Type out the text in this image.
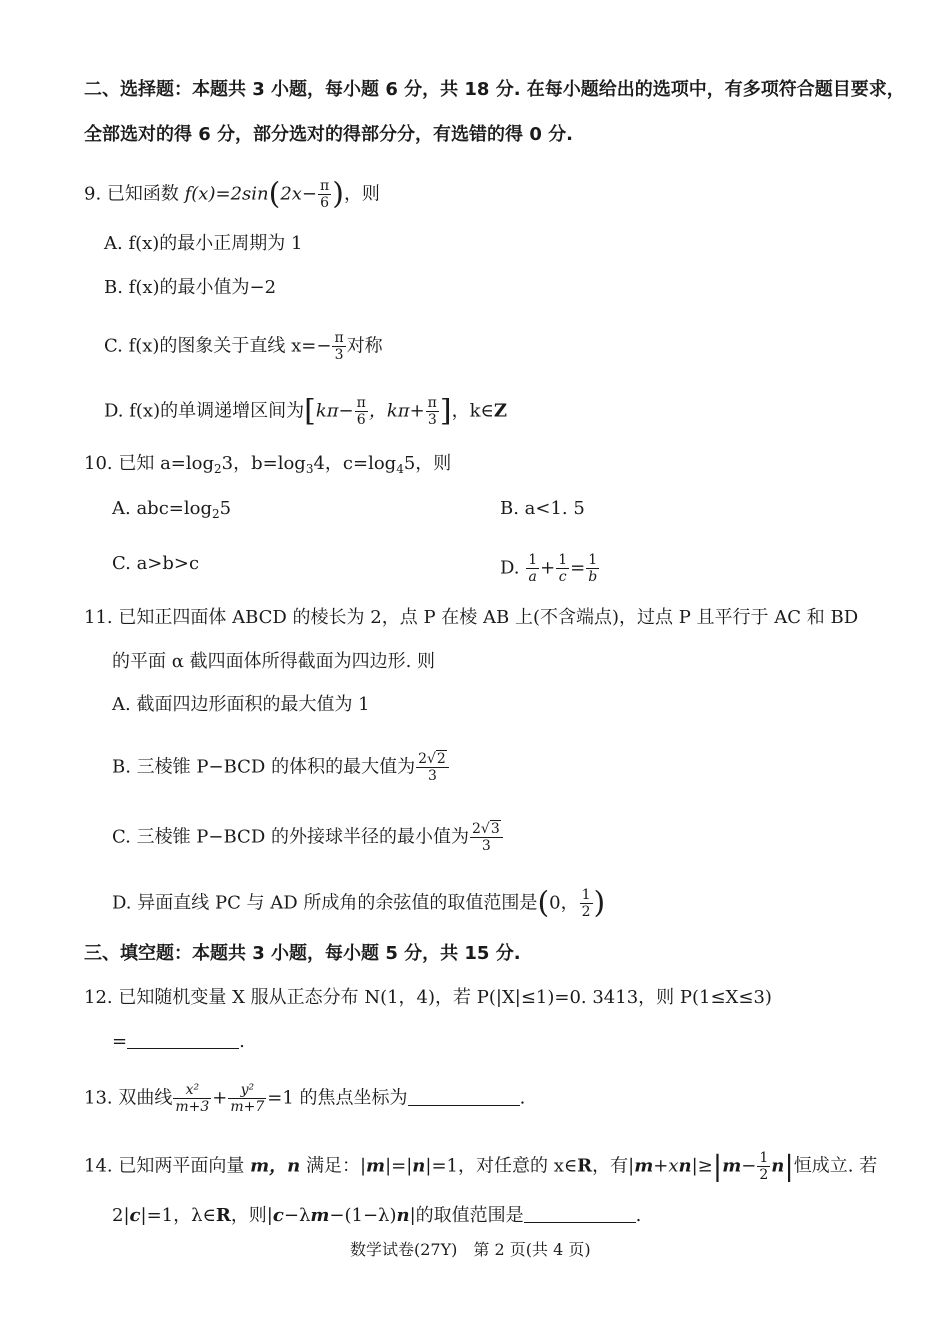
二、选择题：本题共 3 小题，每小题 6 分，共 18 分. 在每小题给出的选项中，有多项符合题目要求，
全部选对的得 6 分，部分选对的得部分分，有选错的得 0 分.
9. 已知函数 $f(x)=2\sin(2x- \frac{\pi}{6}$ )，则
A. f(x)的最小正周期为 1
B. f(x)的最小值为−2
C. f(x)的图象关于直线 $x=- \frac{\pi}{3}$ 对称
D. f(x)的单调递增区间为[$k\pi- \frac{\pi}{6}$ ，$k\pi+ \frac{\pi}{3}$ ]，k∈Z
10. 已知 $a=\log_23$，$b=\log_34$，$c=\log_45$，则
A. $abc=\log_25$	B. a<1. 5
C. a>b>c	D. $\frac{1}{a} + \frac{1}{c} = \frac{1}{b}$
11. 已知正四面体 ABCD 的棱长为 2，点 P 在棱 AB 上(不含端点)，过点 P 且平行于 AC 和 BD
的平面 α 截四面体所得截面为四边形. 则
A. 截面四边形面积的最大值为 1
B. 三棱锥 P−BCD 的体积的最大值为 $\frac{2√2}{3}$
C. 三棱锥 P−BCD 的外接球半径的最小值为 $\frac{2√3}{3}$
D. 异面直线 PC 与 AD 所成角的余弦值的取值范围是(0， $\frac{1}{2}$ )
三、填空题：本题共 3 小题，每小题 5 分，共 15 分.
12. 已知随机变量 X 服从正态分布 N(1，4)，若 P(|X|≤1)=0. 3413，则 P(1≤X≤3)
=	.
13. 双曲线 $\frac{\text{x²}}{m+3} + \frac{\text{y²}}{m+7} =1$ 的焦点坐标为	.
14. 已知两平面向量 m，n 满足：|m|=|n|=1，对任意的 x∈R，有$|m+xn|\ge|m- \frac{1}{2} n|$恒成立. 若
2|c|=1，λ∈R，则|c−λm−(1−λ)n|的取值范围是	.
数学试卷(27Y)　第 2 页(共 4 页)
